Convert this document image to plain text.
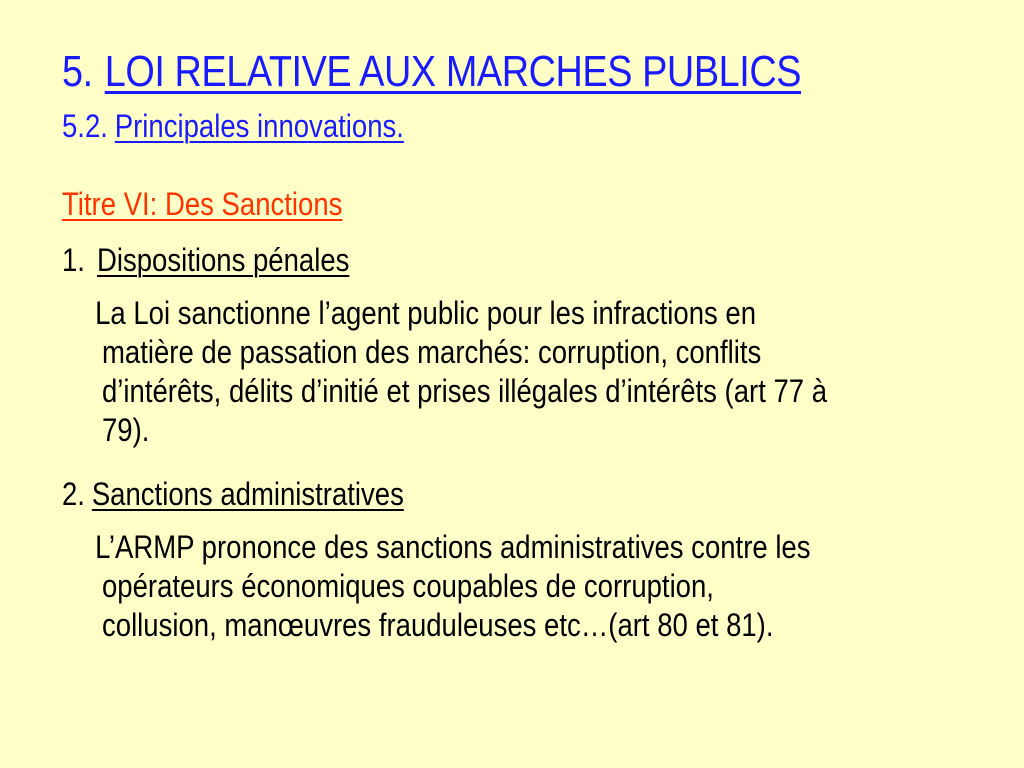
5. LOI RELATIVE AUX MARCHES PUBLICS
5.2. Principales innovations.
Titre VI: Des Sanctions
1. Dispositions pénales
La Loi sanctionne l’agent public pour les infractions en
matière de passation des marchés: corruption, conflits
d’intérêts, délits d’initié et prises illégales d’intérêts (art 77 à
79).
2. Sanctions administratives
L’ARMP prononce des sanctions administratives contre les
opérateurs économiques coupables de corruption,
collusion, manœuvres frauduleuses etc…(art 80 et 81).
